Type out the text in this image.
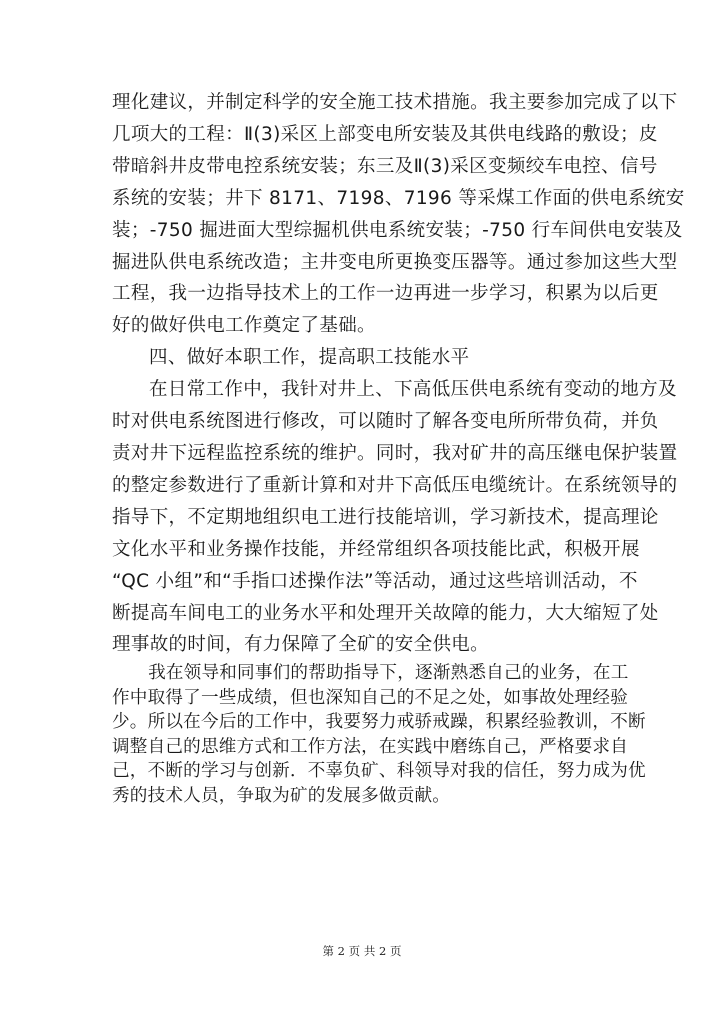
理化建议，并制定科学的安全施工技术措施。我主要参加完成了以下

几项大的工程：Ⅱ(3)采区上部变电所安装及其供电线路的敷设；皮

带暗斜井皮带电控系统安装；东三及Ⅱ(3)采区变频绞车电控、信号

系统的安装；井下 8171、7198、7196 等采煤工作面的供电系统安

装；-750 掘进面大型综掘机供电系统安装；-750 行车间供电安装及

掘进队供电系统改造；主井变电所更换变压器等。通过参加这些大型

工程，我一边指导技术上的工作一边再进一步学习，积累为以后更

好的做好供电工作奠定了基础。

四、做好本职工作，提高职工技能水平

在日常工作中，我针对井上、下高低压供电系统有变动的地方及

时对供电系统图进行修改，可以随时了解各变电所所带负荷，并负

责对井下远程监控系统的维护。同时，我对矿井的高压继电保护装置

的整定参数进行了重新计算和对井下高低压电缆统计。在系统领导的

指导下，不定期地组织电工进行技能培训，学习新技术，提高理论

文化水平和业务操作技能，并经常组织各项技能比武，积极开展

“QC 小组”和“手指口述操作法”等活动，通过这些培训活动，不

断提高车间电工的业务水平和处理开关故障的能力，大大缩短了处

理事故的时间，有力保障了全矿的安全供电。

我在领导和同事们的帮助指导下，逐渐熟悉自己的业务，在工

作中取得了一些成绩，但也深知自己的不足之处，如事故处理经验

少。所以在今后的工作中，我要努力戒骄戒躁，积累经验教训，不断

调整自己的思维方式和工作方法，在实践中磨练自己，严格要求自

己，不断的学习与创新．不辜负矿、科领导对我的信任，努力成为优

秀的技术人员，争取为矿的发展多做贡献。

第 2 页 共 2 页
